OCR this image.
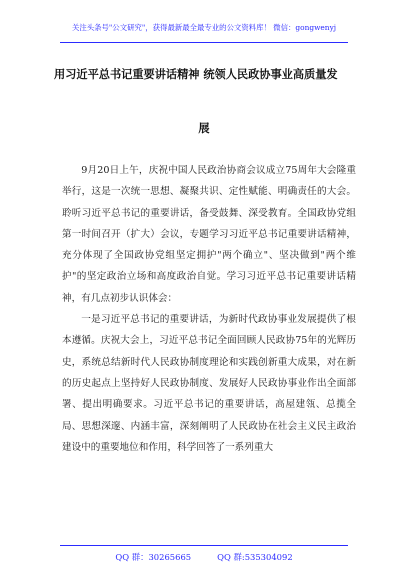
关注头条号"公文研究"，获得最新最全最专业的公文资料库！ 微信：gongwenyj
用习近平总书记重要讲话精神 统领人民政协事业高质量发
展

9月20日上午，庆祝中国人民政治协商会议成立75周年大会隆重举行，这是一次统一思想、凝聚共识、定性赋能、明确责任的大会。聆听习近平总书记的重要讲话，备受鼓舞、深受教育。全国政协党组第一时间召开（扩大）会议，专题学习习近平总书记重要讲话精神，充分体现了全国政协党组坚定拥护"两个确立"、坚决做到"两个维护"的坚定政治立场和高度政治自觉。学习习近平总书记重要讲话精神，有几点初步认识体会：

一是习近平总书记的重要讲话，为新时代政协事业发展提供了根本遵循。庆祝大会上，习近平总书记全面回顾人民政协75年的光辉历史，系统总结新时代人民政协制度理论和实践创新重大成果，对在新的历史起点上坚持好人民政协制度、发展好人民政协事业作出全面部署、提出明确要求。习近平总书记的重要讲话，高屋建瓴、总揽全局、思想深邃、内涵丰富，深刻阐明了人民政协在社会主义民主政治建设中的重要地位和作用，科学回答了一系列重大

QQ 群：30265665	QQ 群:535304092
